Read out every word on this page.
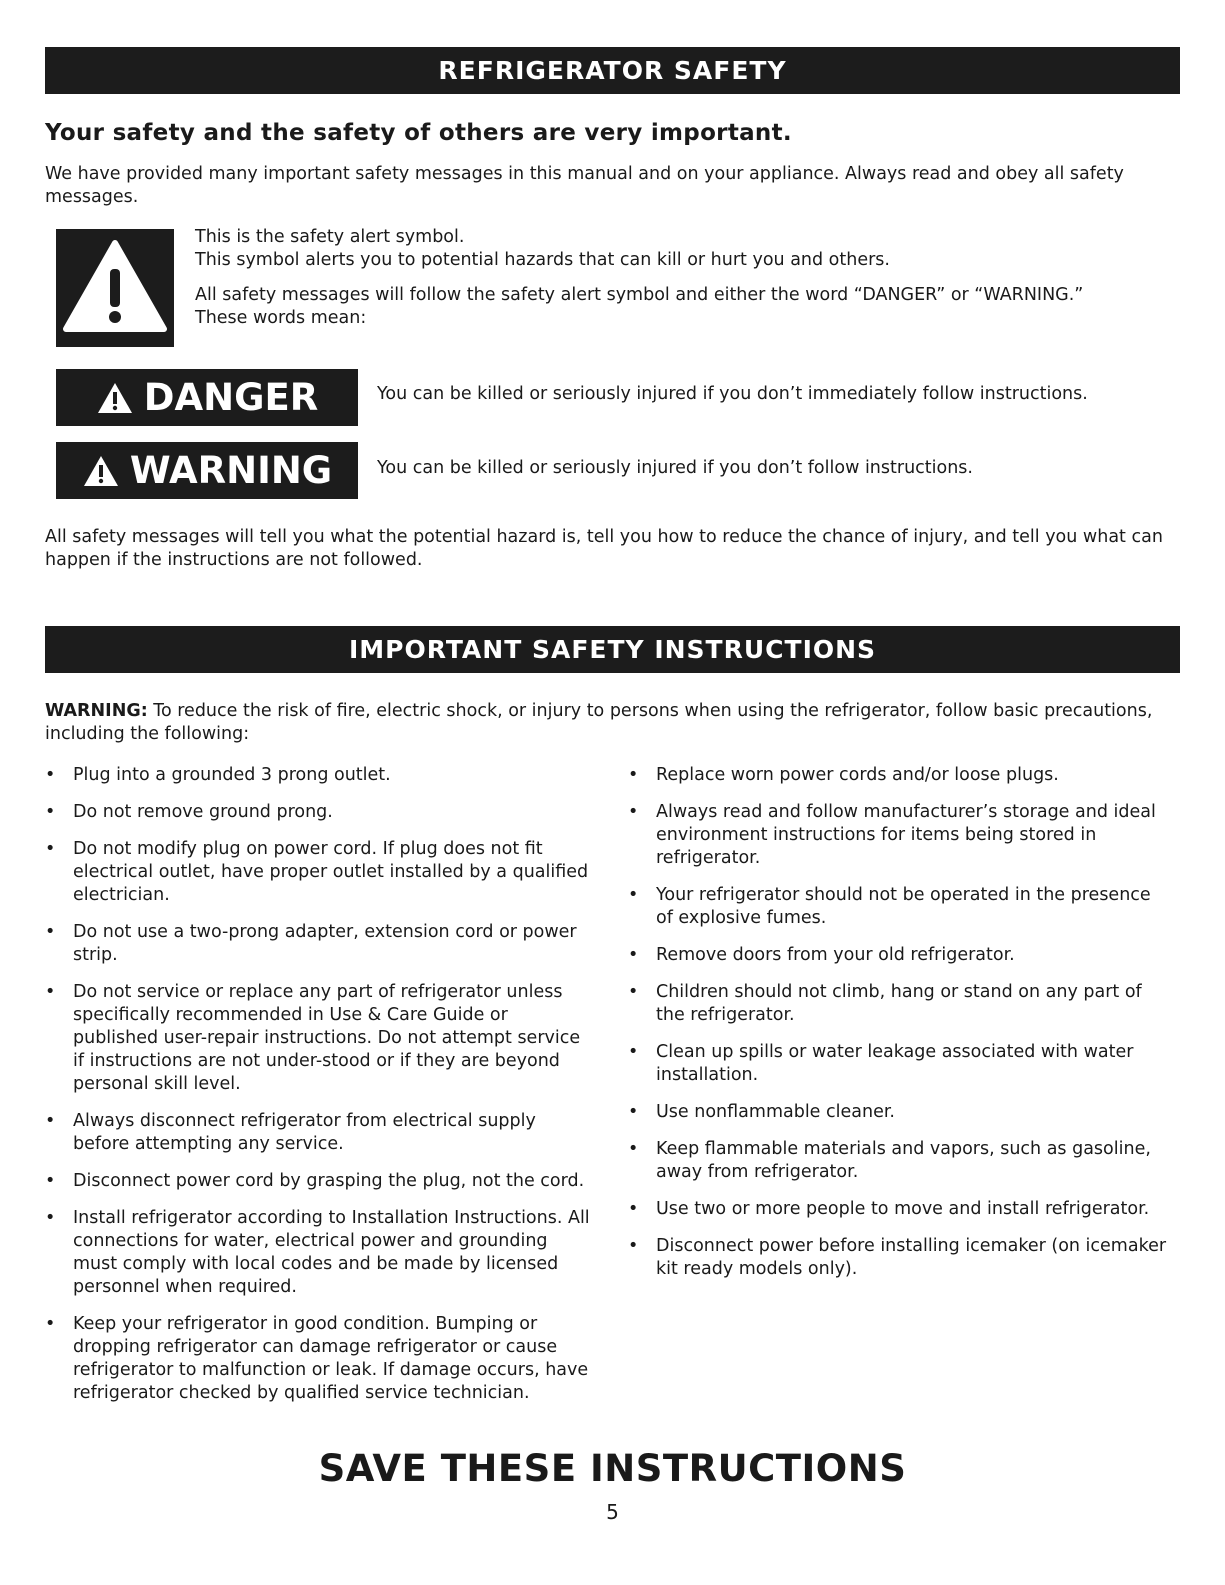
REFRIGERATOR SAFETY
Your safety and the safety of others are very important.

We have provided many important safety messages in this manual and on your appliance. Always read and obey all safety messages.

This is the safety alert symbol.

This symbol alerts you to potential hazards that can kill or hurt you and others.

All safety messages will follow the safety alert symbol and either the word “DANGER” or “WARNING.”

These words mean:

DANGER	You can be killed or seriously injured if you don’t immediately follow instructions.
WARNING	You can be killed or seriously injured if you don’t follow instructions.

All safety messages will tell you what the potential hazard is, tell you how to reduce the chance of injury, and tell you what can happen if the instructions are not followed.

IMPORTANT SAFETY INSTRUCTIONS

WARNING: To reduce the risk of fire, electric shock, or injury to persons when using the refrigerator, follow basic precautions, including the following:

• Plug into a grounded 3 prong outlet.
• Do not remove ground prong.
• Do not modify plug on power cord. If plug does not fit electrical outlet, have proper outlet installed by a qualified electrician.
• Do not use a two-prong adapter, extension cord or power strip.
• Do not service or replace any part of refrigerator unless specifically recommended in Use & Care Guide or published user-repair instructions. Do not attempt service if instructions are not under-stood or if they are beyond personal skill level.
• Always disconnect refrigerator from electrical supply before attempting any service.
• Disconnect power cord by grasping the plug, not the cord.
• Install refrigerator according to Installation Instructions. All connections for water, electrical power and grounding must comply with local codes and be made by licensed personnel when required.
• Keep your refrigerator in good condition. Bumping or dropping refrigerator can damage refrigerator or cause refrigerator to malfunction or leak. If damage occurs, have refrigerator checked by qualified service technician.
• Replace worn power cords and/or loose plugs.
• Always read and follow manufacturer’s storage and ideal environment instructions for items being stored in refrigerator.
• Your refrigerator should not be operated in the presence of explosive fumes.
• Remove doors from your old refrigerator.
• Children should not climb, hang or stand on any part of the refrigerator.
• Clean up spills or water leakage associated with water installation.
• Use nonflammable cleaner.
• Keep flammable materials and vapors, such as gasoline, away from refrigerator.
• Use two or more people to move and install refrigerator.
• Disconnect power before installing icemaker (on icemaker kit ready models only).
SAVE THESE INSTRUCTIONS
5
